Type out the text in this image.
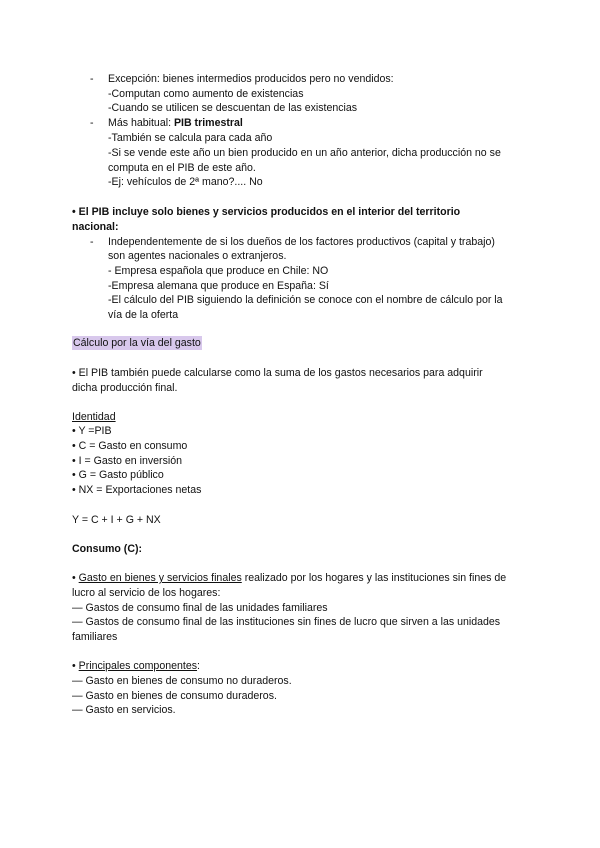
- Excepción: bienes intermedios producidos pero no vendidos:
-Computan como aumento de existencias
-Cuando se utilicen se descuentan de las existencias
- Más habitual: PIB trimestral
-También se calcula para cada año
-Si se vende este año un bien producido en un año anterior, dicha producción no se
computa en el PIB de este año.
-Ej: vehículos de 2ª mano?.... No
• El PIB incluye solo bienes y servicios producidos en el interior del territorio
nacional:
- Independentemente de si los dueños de los factores productivos (capital y trabajo)
son agentes nacionales o extranjeros.
- Empresa española que produce en Chile: NO
-Empresa alemana que produce en España: Sí
-El cálculo del PIB siguiendo la definición se conoce con el nombre de cálculo por la
vía de la oferta
Cálculo por la vía del gasto
• El PIB también puede calcularse como la suma de los gastos necesarios para adquirir
dicha producción final.
Identidad
• Y =PIB
• C = Gasto en consumo
• I = Gasto en inversión
• G = Gasto público
• NX = Exportaciones netas
Y = C + I + G + NX
Consumo (C):
• Gasto en bienes y servicios finales realizado por los hogares y las instituciones sin fines de
lucro al servicio de los hogares:
— Gastos de consumo final de las unidades familiares
— Gastos de consumo final de las instituciones sin fines de lucro que sirven a las unidades
familiares
• Principales componentes:
— Gasto en bienes de consumo no duraderos.
— Gasto en bienes de consumo duraderos.
— Gasto en servicios.
